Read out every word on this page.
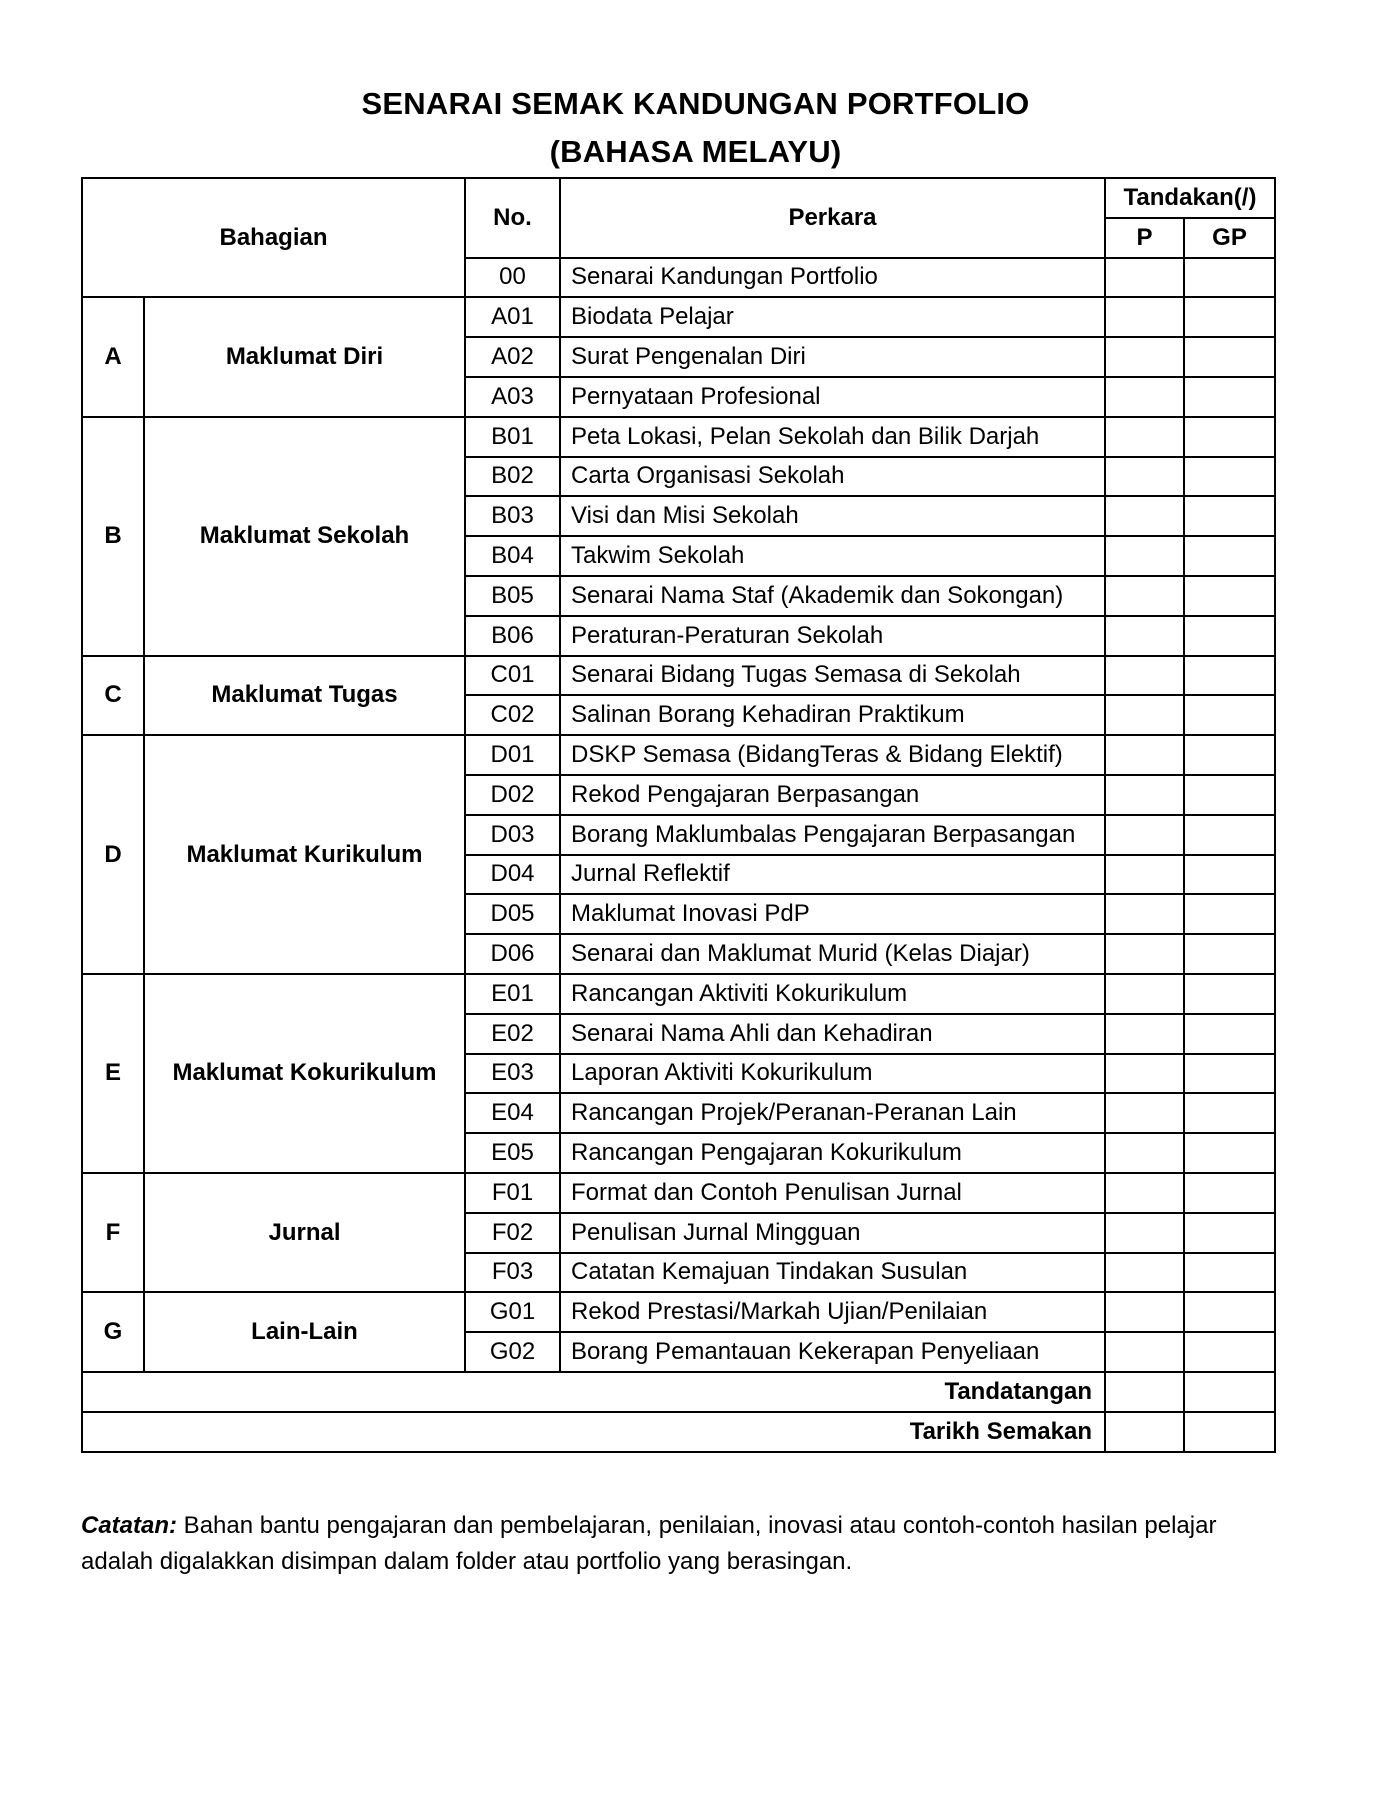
SENARAI SEMAK KANDUNGAN PORTFOLIO
(BAHASA MELAYU)
Bahagian		No.	Perkara	Tandakan(/)	
				P	GP
		00	Senarai Kandungan Portfolio		
A	Maklumat Diri	A01	Biodata Pelajar		
		A02	Surat Pengenalan Diri		
		A03	Pernyataan Profesional		
B	Maklumat Sekolah	B01	Peta Lokasi, Pelan Sekolah dan Bilik Darjah		
		B02	Carta Organisasi Sekolah		
		B03	Visi dan Misi Sekolah		
		B04	Takwim Sekolah		
		B05	Senarai Nama Staf (Akademik dan Sokongan)		
		B06	Peraturan-Peraturan Sekolah		
C	Maklumat Tugas	C01	Senarai Bidang Tugas Semasa di Sekolah		
		C02	Salinan Borang Kehadiran Praktikum		
D	Maklumat Kurikulum	D01	DSKP Semasa (BidangTeras & Bidang Elektif)		
		D02	Rekod Pengajaran Berpasangan		
		D03	Borang Maklumbalas Pengajaran Berpasangan		
		D04	Jurnal Reflektif		
		D05	Maklumat Inovasi PdP		
		D06	Senarai dan Maklumat Murid (Kelas Diajar)		
E	Maklumat Kokurikulum	E01	Rancangan Aktiviti Kokurikulum		
		E02	Senarai Nama Ahli dan Kehadiran		
		E03	Laporan Aktiviti Kokurikulum		
		E04	Rancangan Projek/Peranan-Peranan Lain		
		E05	Rancangan Pengajaran Kokurikulum		
F	Jurnal	F01	Format dan Contoh Penulisan Jurnal		
		F02	Penulisan Jurnal Mingguan		
		F03	Catatan Kemajuan Tindakan Susulan		
G	Lain-Lain	G01	Rekod Prestasi/Markah Ujian/Penilaian		
		G02	Borang Pemantauan Kekerapan Penyeliaan		
Tandatangan					
Tarikh Semakan					
Catatan: Bahan bantu pengajaran dan pembelajaran, penilaian, inovasi atau contoh-contoh hasilan pelajar adalah digalakkan disimpan dalam folder atau portfolio yang berasingan.
